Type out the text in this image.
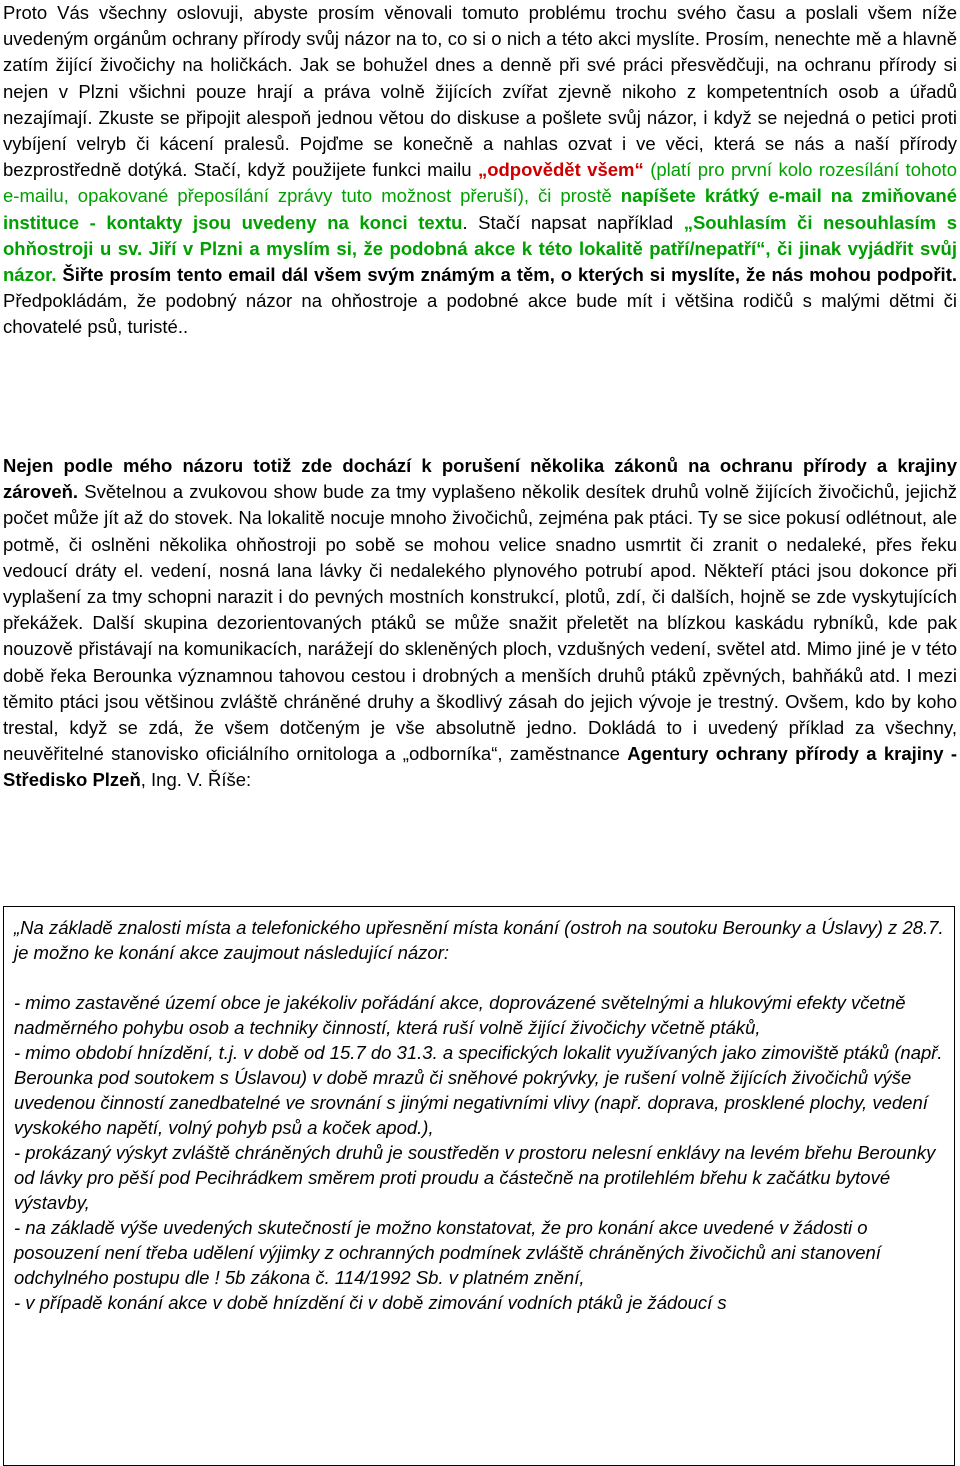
Proto Vás všechny oslovuji, abyste prosím věnovali tomuto problému trochu svého času a poslali všem níže uvedeným orgánům ochrany přírody svůj názor na to, co si o nich a této akci myslíte. Prosím, nenechte mě a hlavně zatím žijící živočichy na holičkách. Jak se bohužel dnes a denně při své práci přesvědčuji, na ochranu přírody si nejen v Plzni všichni pouze hrají a práva volně žijících zvířat zjevně nikoho z kompetentních osob a úřadů nezajímají. Zkuste se připojit alespoň jednou větou do diskuse a pošlete svůj názor, i když se nejedná o petici proti vybíjení velryb či kácení pralesů. Pojďme se konečně a nahlas ozvat i ve věci, která se nás a naší přírody bezprostředně dotýká. Stačí, když použijete funkci mailu „odpovědět všem“ (platí pro první kolo rozesílání tohoto e-mailu, opakované přeposílání zprávy tuto možnost přeruší), či prostě napíšete krátký e-mail na zmiňované instituce - kontakty jsou uvedeny na konci textu. Stačí napsat například „Souhlasím či nesouhlasím s ohňostroji u sv. Jiří v Plzni a myslím si, že podobná akce k této lokalitě patří/nepatří“, či jinak vyjádřit svůj názor. Šiřte prosím tento email dál všem svým známým a těm, o kterých si myslíte, že nás mohou podpořit. Předpokládám, že podobný názor na ohňostroje a podobné akce bude mít i většina rodičů s malými dětmi či chovatelé psů, turisté..

Nejen podle mého názoru totiž zde dochází k porušení několika zákonů na ochranu přírody a krajiny zároveň. Světelnou a zvukovou show bude za tmy vyplašeno několik desítek druhů volně žijících živočichů, jejichž počet může jít až do stovek. Na lokalitě nocuje mnoho živočichů, zejména pak ptáci. Ty se sice pokusí odlétnout, ale potmě, či oslněni několika ohňostroji po sobě se mohou velice snadno usmrtit či zranit o nedaleké, přes řeku vedoucí dráty el. vedení, nosná lana lávky či nedalekého plynového potrubí apod. Někteří ptáci jsou dokonce při vyplašení za tmy schopni narazit i do pevných mostních konstrukcí, plotů, zdí, či dalších, hojně se zde vyskytujících překážek. Další skupina dezorientovaných ptáků se může snažit přeletět na blízkou kaskádu rybníků, kde pak nouzově přistávají na komunikacích, narážejí do skleněných ploch, vzdušných vedení, světel atd. Mimo jiné je v této době řeka Berounka významnou tahovou cestou i drobných a menších druhů ptáků zpěvných, bahňáků atd. I mezi těmito ptáci jsou většinou zvláště chráněné druhy a škodlivý zásah do jejich vývoje je trestný. Ovšem, kdo by koho trestal, když se zdá, že všem dotčeným je vše absolutně jedno. Dokládá to i uvedený příklad za všechny, neuvěřitelné stanovisko oficiálního ornitologa a „odborníka“, zaměstnance Agentury ochrany přírody a krajiny - Středisko Plzeň, Ing. V. Říše:

„Na základě znalosti místa a telefonického upřesnění místa konání (ostroh na soutoku Berounky a Úslavy) z 28.7. je možno ke konání akce zaujmout následující názor:

- mimo zastavěné území obce je jakékoliv pořádání akce, doprovázené světelnými a hlukovými efekty včetně nadměrného pohybu osob a techniky činností, která ruší volně žijící živočichy včetně ptáků,

- mimo období hnízdění, t.j. v době od 15.7 do 31.3. a specifických lokalit využívaných jako zimoviště ptáků (např. Berounka pod soutokem s Úslavou) v době mrazů či sněhové pokrývky, je rušení volně žijících živočichů výše uvedenou činností zanedbatelné ve srovnání s jinými negativními vlivy (např. doprava, prosklené plochy, vedení vyskokého napětí, volný pohyb psů a koček apod.),

- prokázaný výskyt zvláště chráněných druhů je soustředěn v prostoru nelesní enklávy na levém břehu Berounky od lávky pro pěší pod Pecihrádkem směrem proti proudu a částečně na protilehlém břehu k začátku bytové výstavby,

- na základě výše uvedených skutečností je možno konstatovat, že pro konání akce uvedené v žádosti o posouzení není třeba udělení výjimky z ochranných podmínek zvláště chráněných živočichů ani stanovení odchylného postupu dle ! 5b zákona č. 114/1992 Sb. v platném znění,

- v případě konání akce v době hnízdění či v době zimování vodních ptáků je žádoucí s
